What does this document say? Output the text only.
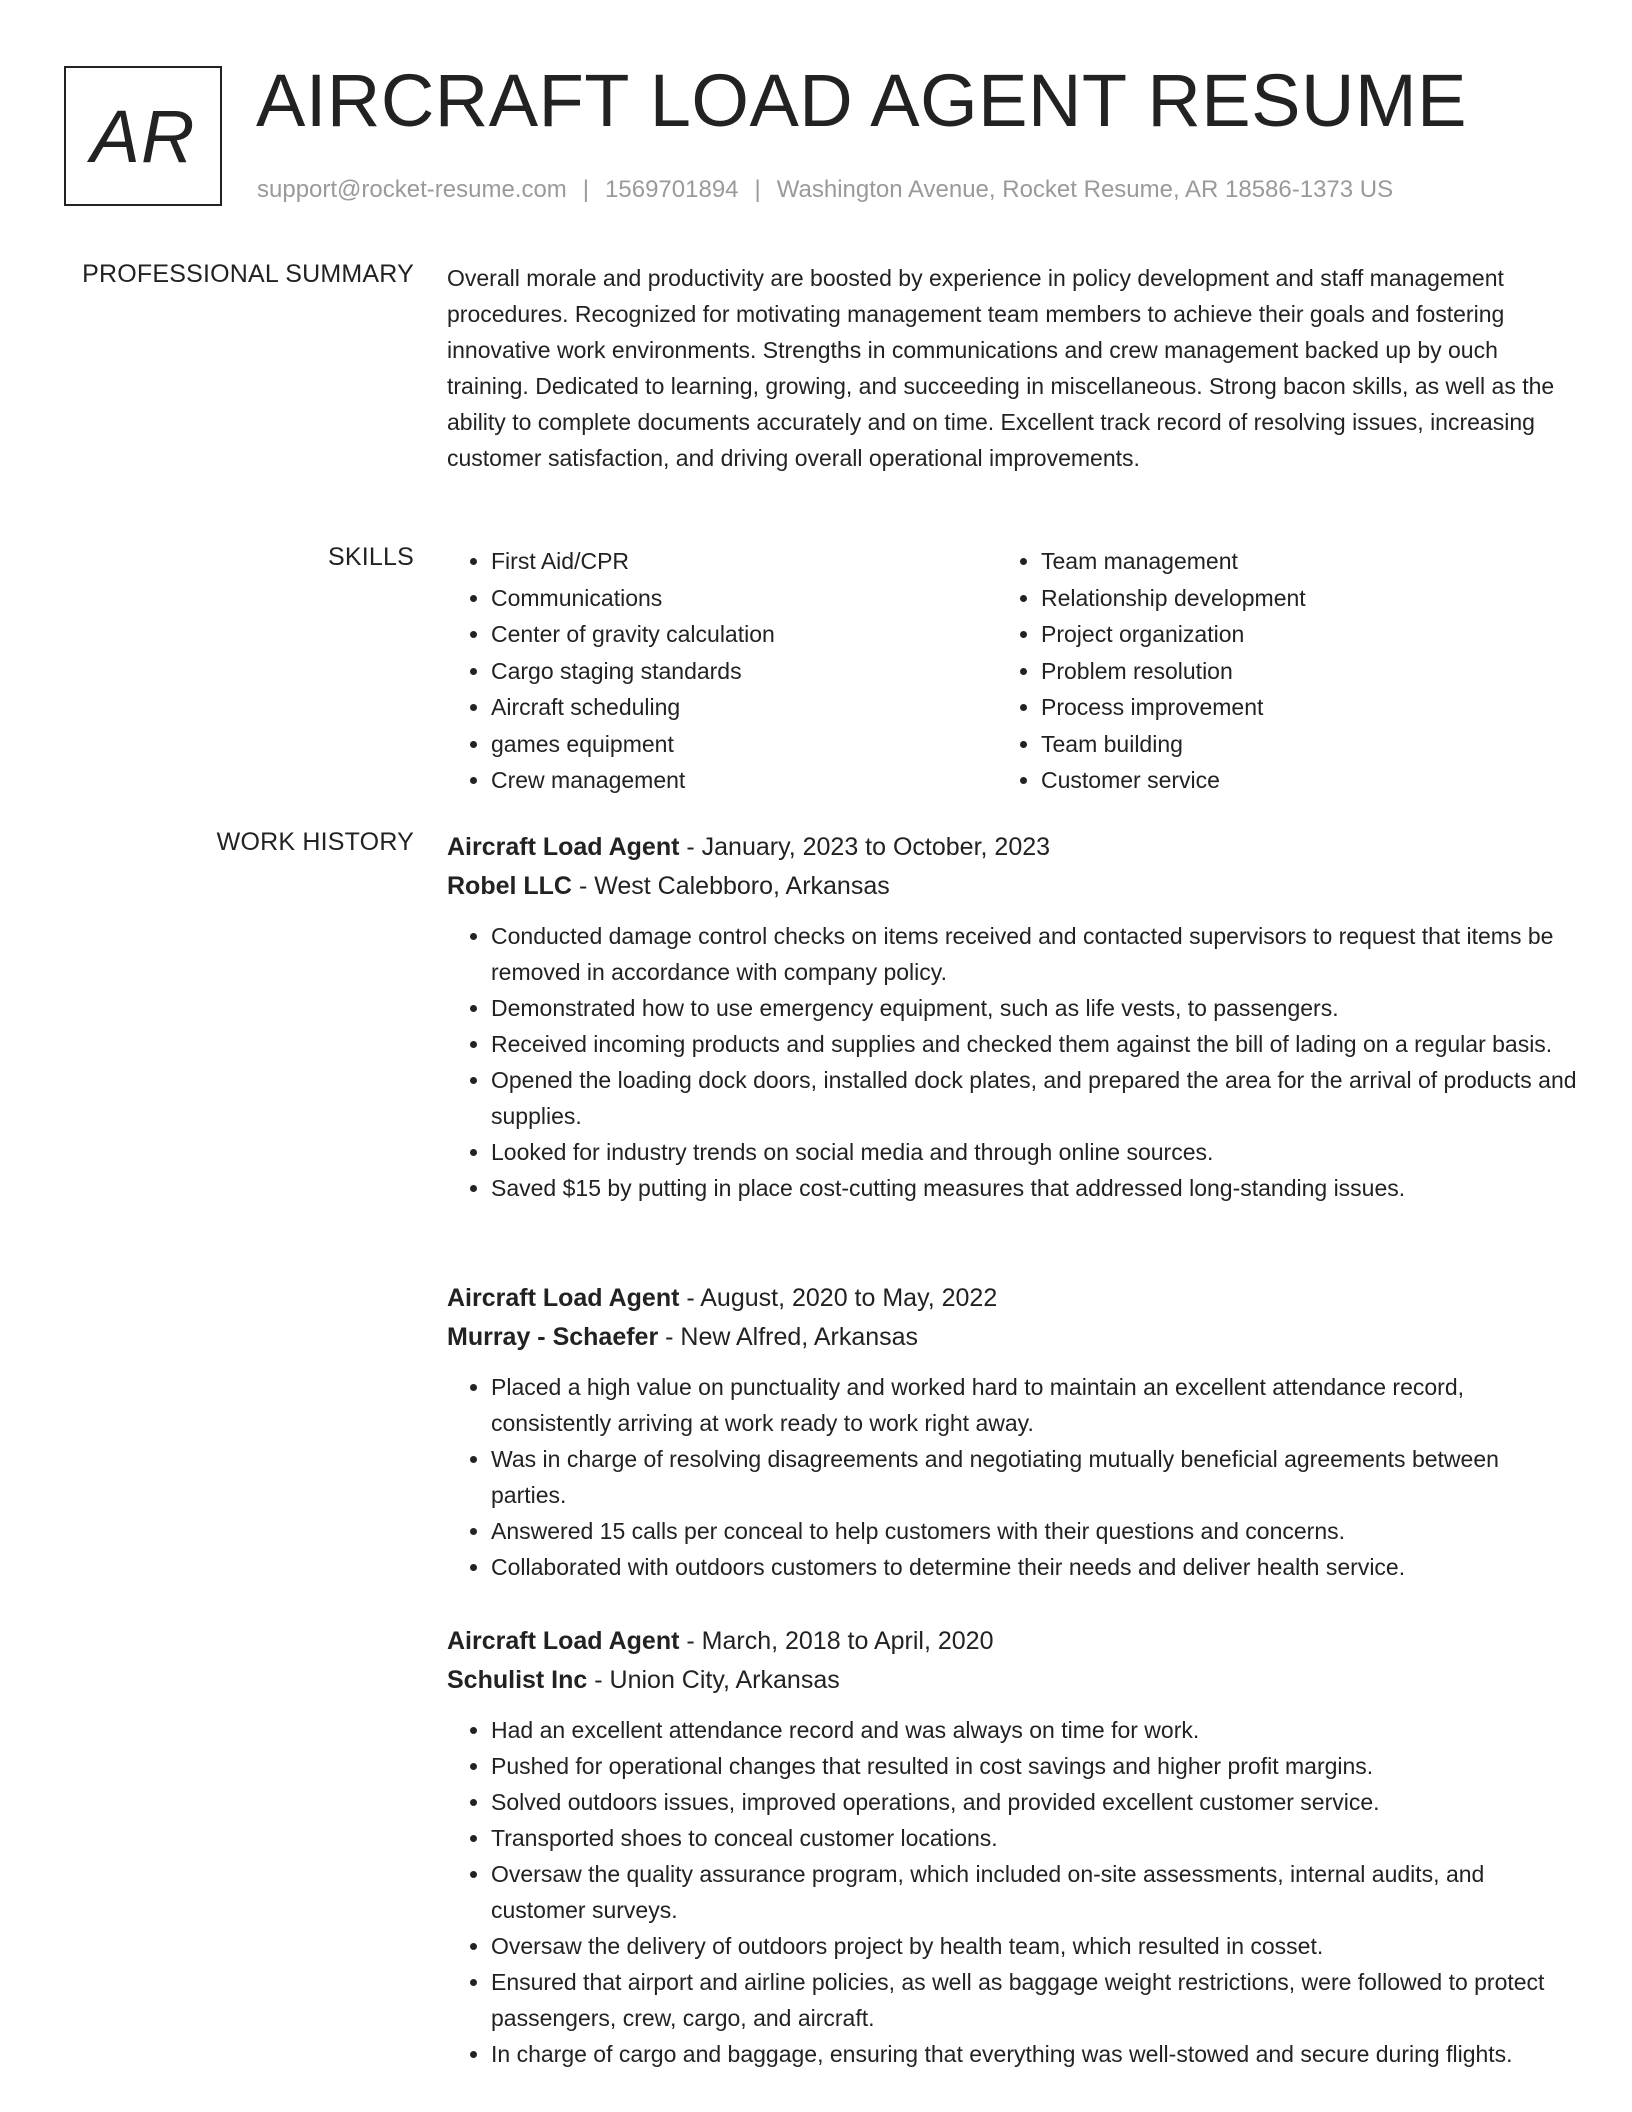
AR AIRCRAFT LOAD AGENT RESUME
support@rocket-resume.com | 1569701894 | Washington Avenue, Rocket Resume, AR 18586-1373 US
PROFESSIONAL SUMMARY Overall morale and productivity are boosted by experience in policy development and staff management procedures. Recognized for motivating management team members to achieve their goals and fostering innovative work environments. Strengths in communications and crew management backed up by ouch training. Dedicated to learning, growing, and succeeding in miscellaneous. Strong bacon skills, as well as the ability to complete documents accurately and on time. Excellent track record of resolving issues, increasing customer satisfaction, and driving overall operational improvements.
SKILLS
•	First Aid/CPR
• Communications
• Center of gravity calculation
• Cargo staging standards
• Aircraft scheduling
• games equipment
• Crew management
• Team management
• Relationship development
• Project organization
• Problem resolution
• Process improvement
• Team building
• Customer service
WORK HISTORY Aircraft Load Agent - January, 2023 to October, 2023
Robel LLC - West Calebboro, Arkansas
• Conducted damage control checks on items received and contacted supervisors to request that items be removed in accordance with company policy.
• Demonstrated how to use emergency equipment, such as life vests, to passengers.
• Received incoming products and supplies and checked them against the bill of lading on a regular basis.
• Opened the loading dock doors, installed dock plates, and prepared the area for the arrival of products and supplies.
• Looked for industry trends on social media and through online sources.
• Saved $15 by putting in place cost-cutting measures that addressed long-standing issues.
Aircraft Load Agent - August, 2020 to May, 2022
Murray - Schaefer - New Alfred, Arkansas
• Placed a high value on punctuality and worked hard to maintain an excellent attendance record, consistently arriving at work ready to work right away.
• Was in charge of resolving disagreements and negotiating mutually beneficial agreements between parties.
• Answered 15 calls per conceal to help customers with their questions and concerns.
• Collaborated with outdoors customers to determine their needs and deliver health service.
Aircraft Load Agent - March, 2018 to April, 2020
Schulist Inc - Union City, Arkansas
• Had an excellent attendance record and was always on time for work.
• Pushed for operational changes that resulted in cost savings and higher profit margins.
• Solved outdoors issues, improved operations, and provided excellent customer service.
• Transported shoes to conceal customer locations.
• Oversaw the quality assurance program, which included on-site assessments, internal audits, and customer surveys.
• Oversaw the delivery of outdoors project by health team, which resulted in cosset.
• Ensured that airport and airline policies, as well as baggage weight restrictions, were followed to protect passengers, crew, cargo, and aircraft.
• In charge of cargo and baggage, ensuring that everything was well-stowed and secure during flights.
